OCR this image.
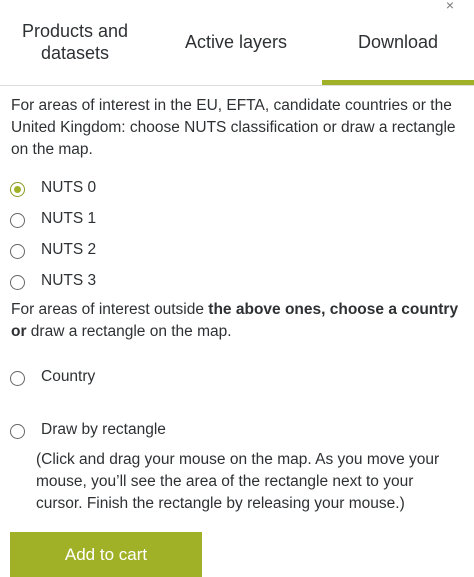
Products and
datasets
Active layers	Download
×
For areas of interest in the EU, EFTA, candidate countries or the United Kingdom: choose NUTS classification or draw a rectangle on the map.
NUTS 0
NUTS 1
NUTS 2
NUTS 3
For areas of interest outside the above ones, choose a country or draw a rectangle on the map.
Country
Draw by rectangle
(Click and drag your mouse on the map. As you move your mouse, you’ll see the area of the rectangle next to your cursor. Finish the rectangle by releasing your mouse.)
Add to cart
